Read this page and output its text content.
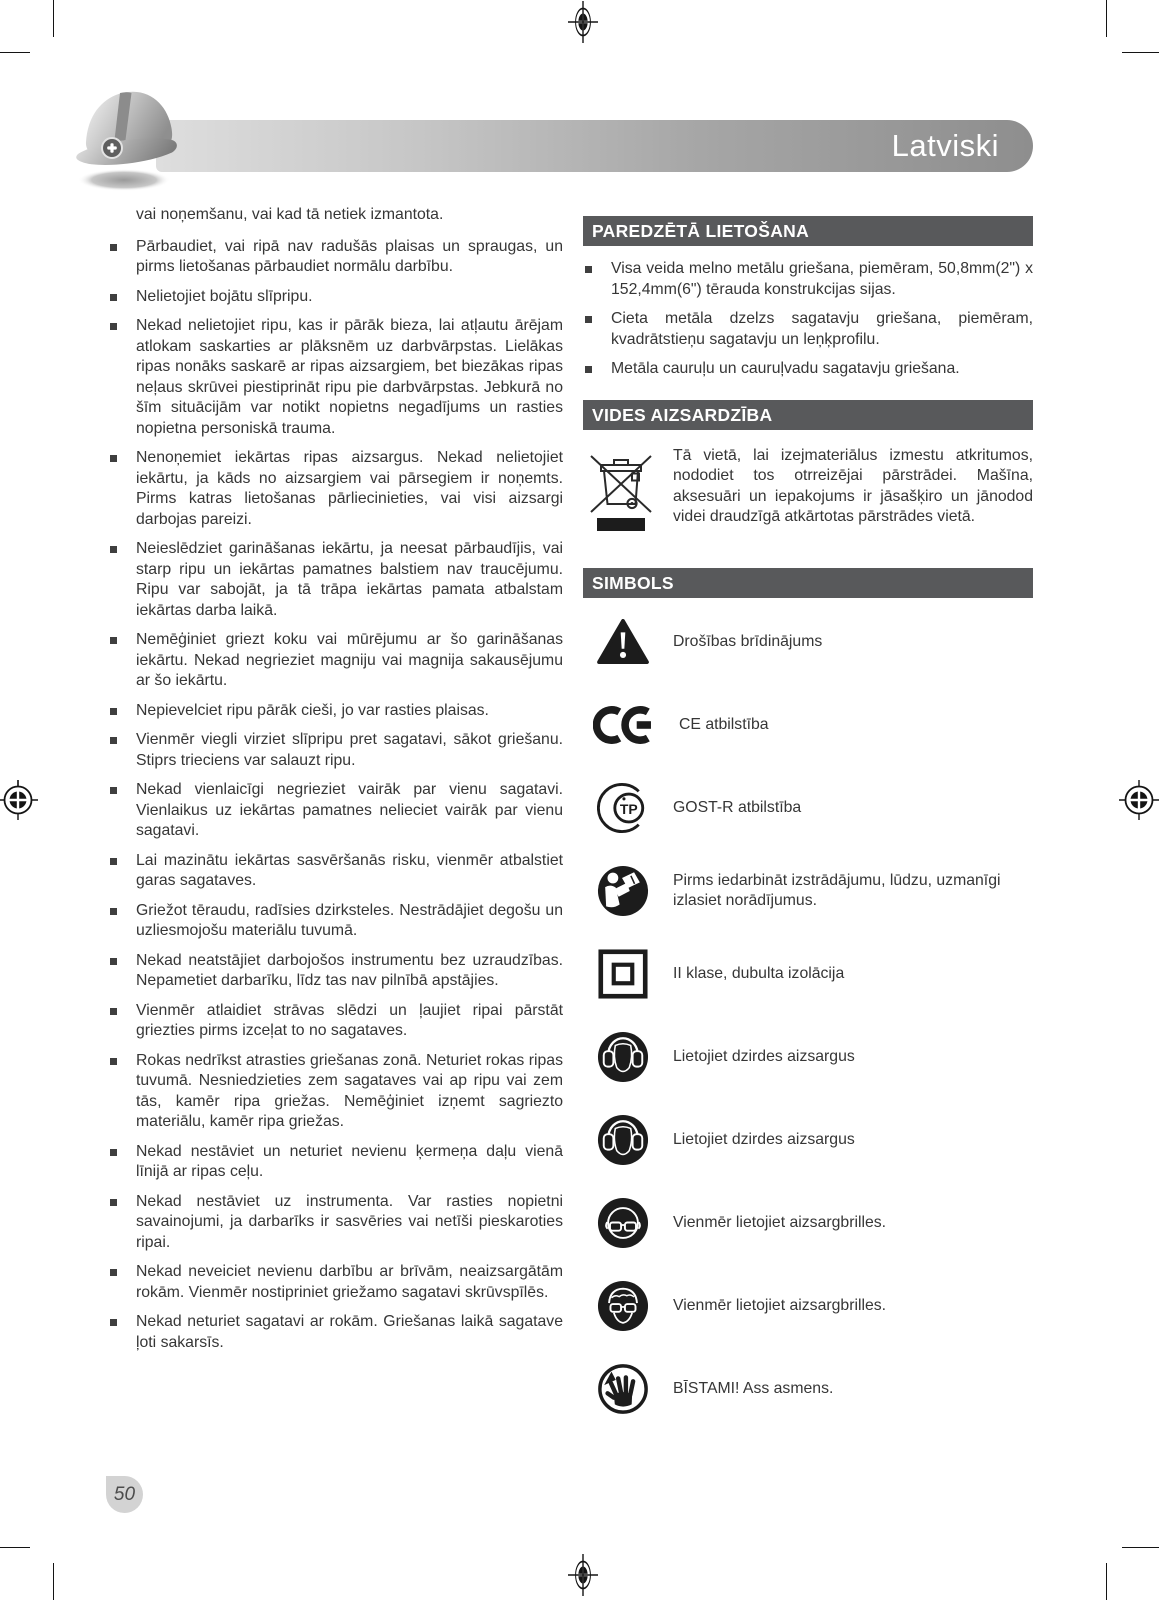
Latviski
vai noņemšanu, vai kad tā netiek izmantota.
Pārbaudiet, vai ripā nav radušās plaisas un spraugas, un pirms lietošanas pārbaudiet normālu darbību.
Nelietojiet bojātu slīpripu.
Nekad nelietojiet ripu, kas ir pārāk bieza, lai atļautu ārējam atlokam saskarties ar plāksnēm uz darbvārpstas. Lielākas ripas nonāks saskarē ar ripas aizsargiem, bet biezākas ripas neļaus skrūvei piestiprināt ripu pie darbvārpstas. Jebkurā no šīm situācijām var notikt nopietns negadījums un rasties nopietna personiskā trauma.
Nenoņemiet iekārtas ripas aizsargus. Nekad nelietojiet iekārtu, ja kāds no aizsargiem vai pārsegiem ir noņemts. Pirms katras lietošanas pārliecinieties, vai visi aizsargi darbojas pareizi.
Neieslēdziet garināšanas iekārtu, ja neesat pārbaudījis, vai starp ripu un iekārtas pamatnes balstiem nav traucējumu. Ripu var sabojāt, ja tā trāpa iekārtas pamata atbalstam iekārtas darba laikā.
Nemēģiniet griezt koku vai mūrējumu ar šo garināšanas iekārtu. Nekad negrieziet magniju vai magnija sakausējumu ar šo iekārtu.
Nepievelciet ripu pārāk cieši, jo var rasties plaisas.
Vienmēr viegli virziet slīpripu pret sagatavi, sākot griešanu. Stiprs trieciens var salauzt ripu.
Nekad vienlaicīgi negrieziet vairāk par vienu sagatavi. Vienlaikus uz iekārtas pamatnes nelieciet vairāk par vienu sagatavi.
Lai mazinātu iekārtas sasvēršanās risku, vienmēr atbalstiet garas sagataves.
Griežot tēraudu, radīsies dzirksteles. Nestrādājiet degošu un uzliesmojošu materiālu tuvumā.
Nekad neatstājiet darbojošos instrumentu bez uzraudzības. Nepametiet darbarīku, līdz tas nav pilnībā apstājies.
Vienmēr atlaidiet strāvas slēdzi un ļaujiet ripai pārstāt griezties pirms izceļat to no sagataves.
Rokas nedrīkst atrasties griešanas zonā. Neturiet rokas ripas tuvumā. Nesniedzieties zem sagataves vai ap ripu vai zem tās, kamēr ripa griežas. Nemēģiniet izņemt sagriezto materiālu, kamēr ripa griežas.
Nekad nestāviet un neturiet nevienu ķermeņa daļu vienā līnijā ar ripas ceļu.
Nekad nestāviet uz instrumenta. Var rasties nopietni savainojumi, ja darbarīks ir sasvēries vai netīši pieskaroties ripai.
Nekad neveiciet nevienu darbību ar brīvām, neaizsargātām rokām. Vienmēr nostipriniet griežamo sagatavi skrūvspīlēs.
Nekad neturiet sagatavi ar rokām. Griešanas laikā sagatave ļoti sakarsīs.
PAREDZĒTĀ LIETOŠANA
Visa veida melno metālu griešana, piemēram, 50,8mm(2") x 152,4mm(6") tērauda konstrukcijas sijas.
Cieta metāla dzelzs sagatavju griešana, piemēram, kvadrātstieņu sagatavju un leņķprofilu.
Metāla cauruļu un cauruļvadu sagatavju griešana.
VIDES AIZSARDZĪBA
Tā vietā, lai izejmateriālus izmestu atkritumos, nododiet tos otrreizējai pārstrādei. Mašīna, aksesuāri un iepakojums ir jāsašķiro un jānodod videi draudzīgā atkārtotas pārstrādes vietā.
SIMBOLS
Drošības brīdinājums
CE atbilstība
TP GOST-R atbilstība
Pirms iedarbināt izstrādājumu, lūdzu, uzmanīgi izlasiet norādījumus.
II klase, dubulta izolācija
Lietojiet dzirdes aizsargus
Lietojiet dzirdes aizsargus
Vienmēr lietojiet aizsargbrilles.
Vienmēr lietojiet aizsargbrilles.
BĪSTAMI! Ass asmens.
50
